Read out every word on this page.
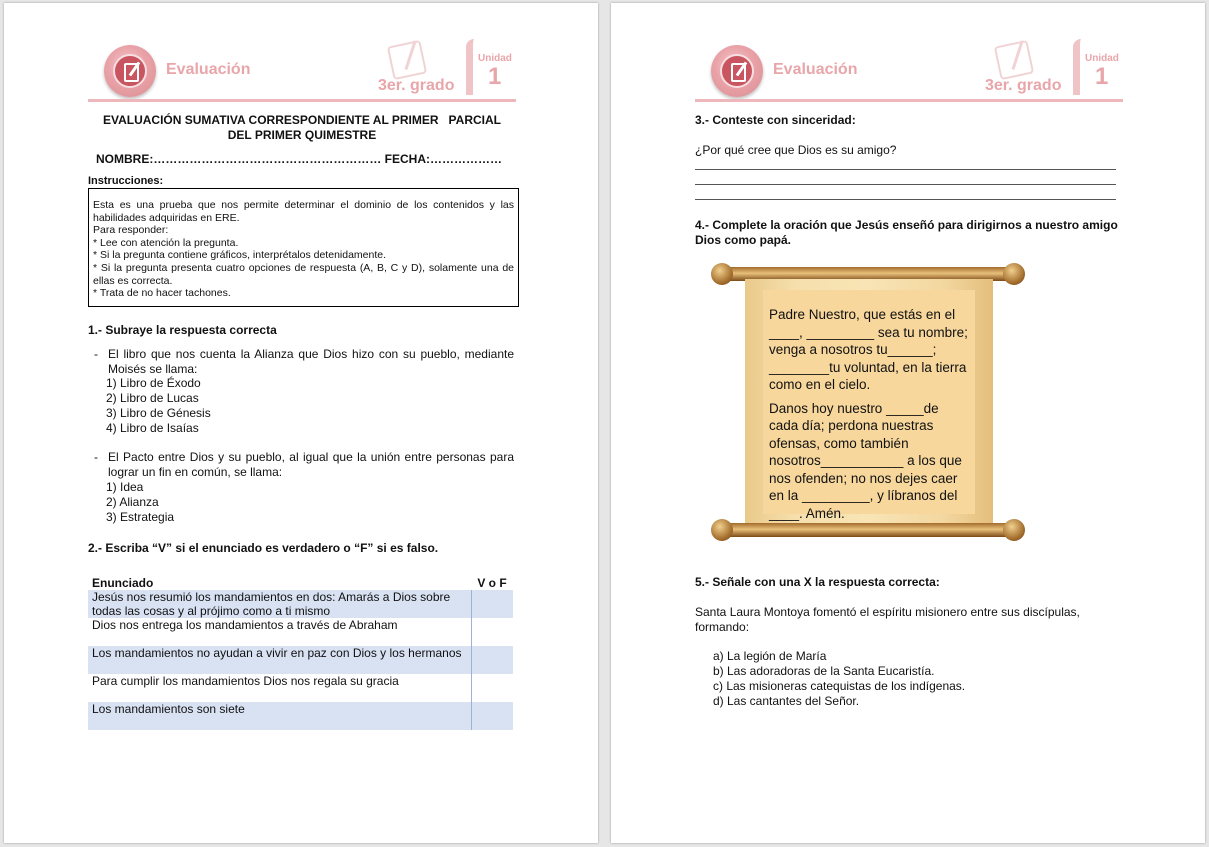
Evaluación
3er. grado
Unidad
1
EVALUACIÓN SUMATIVA CORRESPONDIENTE AL PRIMER   PARCIAL
DEL PRIMER QUIMESTRE
NOMBRE:………………………………………………… FECHA:………………
Instrucciones:
Esta es una prueba que nos permite determinar el dominio de los contenidos y las habilidades adquiridas en ERE.
Para responder:
* Lee con atención la pregunta.
* Si la pregunta contiene gráficos, interprétalos detenidamente.
* Si la pregunta presenta cuatro opciones de respuesta (A, B, C y D), solamente una de ellas es correcta.
* Trata de no hacer tachones.
1.- Subraye la respuesta correcta
- El libro que nos cuenta la Alianza que Dios hizo con su pueblo, mediante Moisés se llama:
1) Libro de Éxodo
2) Libro de Lucas
3) Libro de Génesis
4) Libro de Isaías
- El Pacto entre Dios y su pueblo, al igual que la unión entre personas para lograr un fin en común, se llama:
1) Idea
2) Alianza
3) Estrategia
2.- Escriba “V” si el enunciado es verdadero o “F” si es falso.
Enunciado	V o F
Jesús nos resumió los mandamientos en dos: Amarás a Dios sobre todas las cosas y al prójimo como a ti mismo	
Dios nos entrega los mandamientos a través de Abraham	
Los mandamientos no ayudan a vivir en paz con Dios y los hermanos	
Para cumplir los mandamientos Dios nos regala su gracia	
Los mandamientos son siete	
Evaluación
3er. grado
Unidad
1
3.- Conteste con sinceridad:
¿Por qué cree que Dios es su amigo?
4.- Complete la oración que Jesús enseñó para dirigirnos a nuestro amigo Dios como papá.

Padre Nuestro, que estás en el ____, _________ sea tu nombre; venga a nosotros tu______; ________tu voluntad, en la tierra como en el cielo.

Danos hoy nuestro _____de cada día; perdona nuestras ofensas, como también nosotros___________ a los que nos ofenden; no nos dejes caer en la _________, y líbranos del ____. Amén.

5.- Señale con una X la respuesta correcta:
Santa Laura Montoya fomentó el espíritu misionero entre sus discípulas, formando:
a) La legión de María
b) Las adoradoras de la Santa Eucaristía.
c) Las misioneras catequistas de los indígenas.
d) Las cantantes del Señor.
